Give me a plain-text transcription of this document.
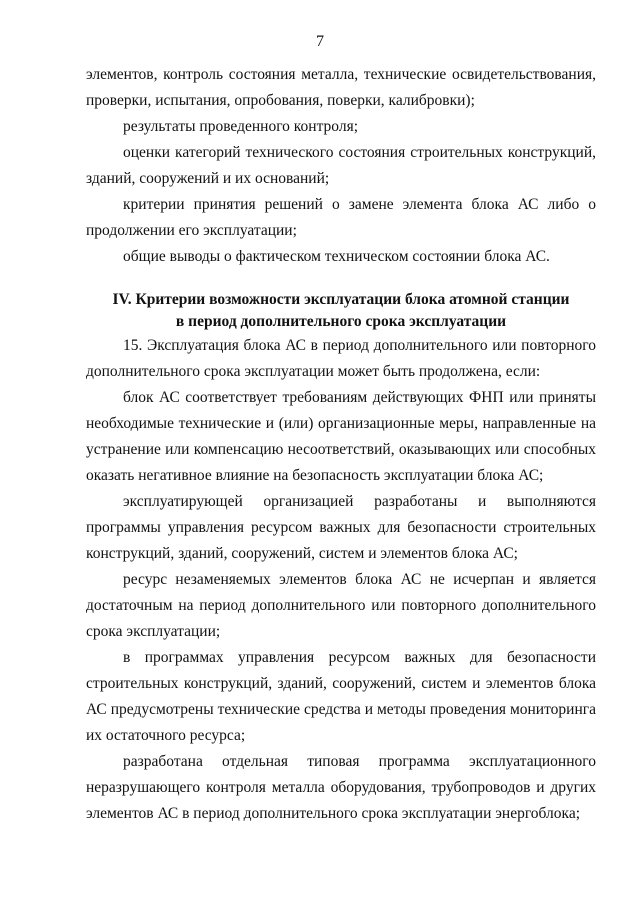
7

элементов, контроль состояния металла, технические освидетельствования, проверки, испытания, опробования, поверки, калибровки);

результаты проведенного контроля;

оценки категорий технического состояния строительных конструкций, зданий, сооружений и их оснований;

критерии принятия решений о замене элемента блока АС либо о продолжении его эксплуатации;

общие выводы о фактическом техническом состоянии блока АС.

IV. Критерии возможности эксплуатации блока атомной станции
в период дополнительного срока эксплуатации

15. Эксплуатация блока АС в период дополнительного или повторного дополнительного срока эксплуатации может быть продолжена, если:

блок АС соответствует требованиям действующих ФНП или приняты необходимые технические и (или) организационные меры, направленные на устранение или компенсацию несоответствий, оказывающих или способных оказать негативное влияние на безопасность эксплуатации блока АС;

эксплуатирующей организацией разработаны и выполняются программы управления ресурсом важных для безопасности строительных конструкций, зданий, сооружений, систем и элементов блока АС;

ресурс незаменяемых элементов блока АС не исчерпан и является достаточным на период дополнительного или повторного дополнительного срока эксплуатации;

в программах управления ресурсом важных для безопасности строительных конструкций, зданий, сооружений, систем и элементов блока АС предусмотрены технические средства и методы проведения мониторинга их остаточного ресурса;

разработана отдельная типовая программа эксплуатационного неразрушающего контроля металла оборудования, трубопроводов и других элементов АС в период дополнительного срока эксплуатации энергоблока;
